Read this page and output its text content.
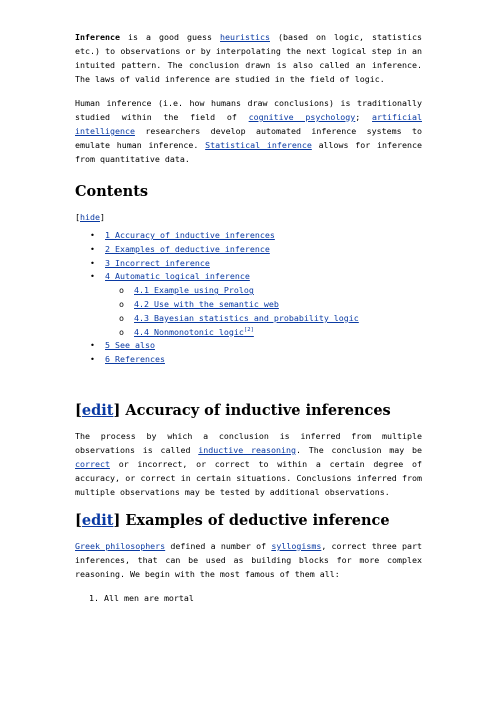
Inference is a good guess heuristics (based on logic, statistics etc.) to observations or by interpolating the next logical step in an intuited pattern. The conclusion drawn is also called an inference. The laws of valid inference are studied in the field of logic.

Human inference (i.e. how humans draw conclusions) is traditionally studied within the field of cognitive psychology; artificial intelligence researchers develop automated inference systems to emulate human inference. Statistical inference allows for inference from quantitative data.

Contents
[hide]
• 1 Accuracy of inductive inferences
• 2 Examples of deductive inference
• 3 Incorrect inference
• 4 Automatic logical inference
o 4.1 Example using Prolog
o 4.2 Use with the semantic web
o 4.3 Bayesian statistics and probability logic
o 4.4 Nonmonotonic logic[2]
• 5 See also
• 6 References
[edit] Accuracy of inductive inferences

The process by which a conclusion is inferred from multiple observations is called inductive reasoning. The conclusion may be correct or incorrect, or correct to within a certain degree of accuracy, or correct in certain situations. Conclusions inferred from multiple observations may be tested by additional observations.

[edit] Examples of deductive inference

Greek philosophers defined a number of syllogisms, correct three part inferences, that can be used as building blocks for more complex reasoning. We begin with the most famous of them all:

1. All men are mortal
